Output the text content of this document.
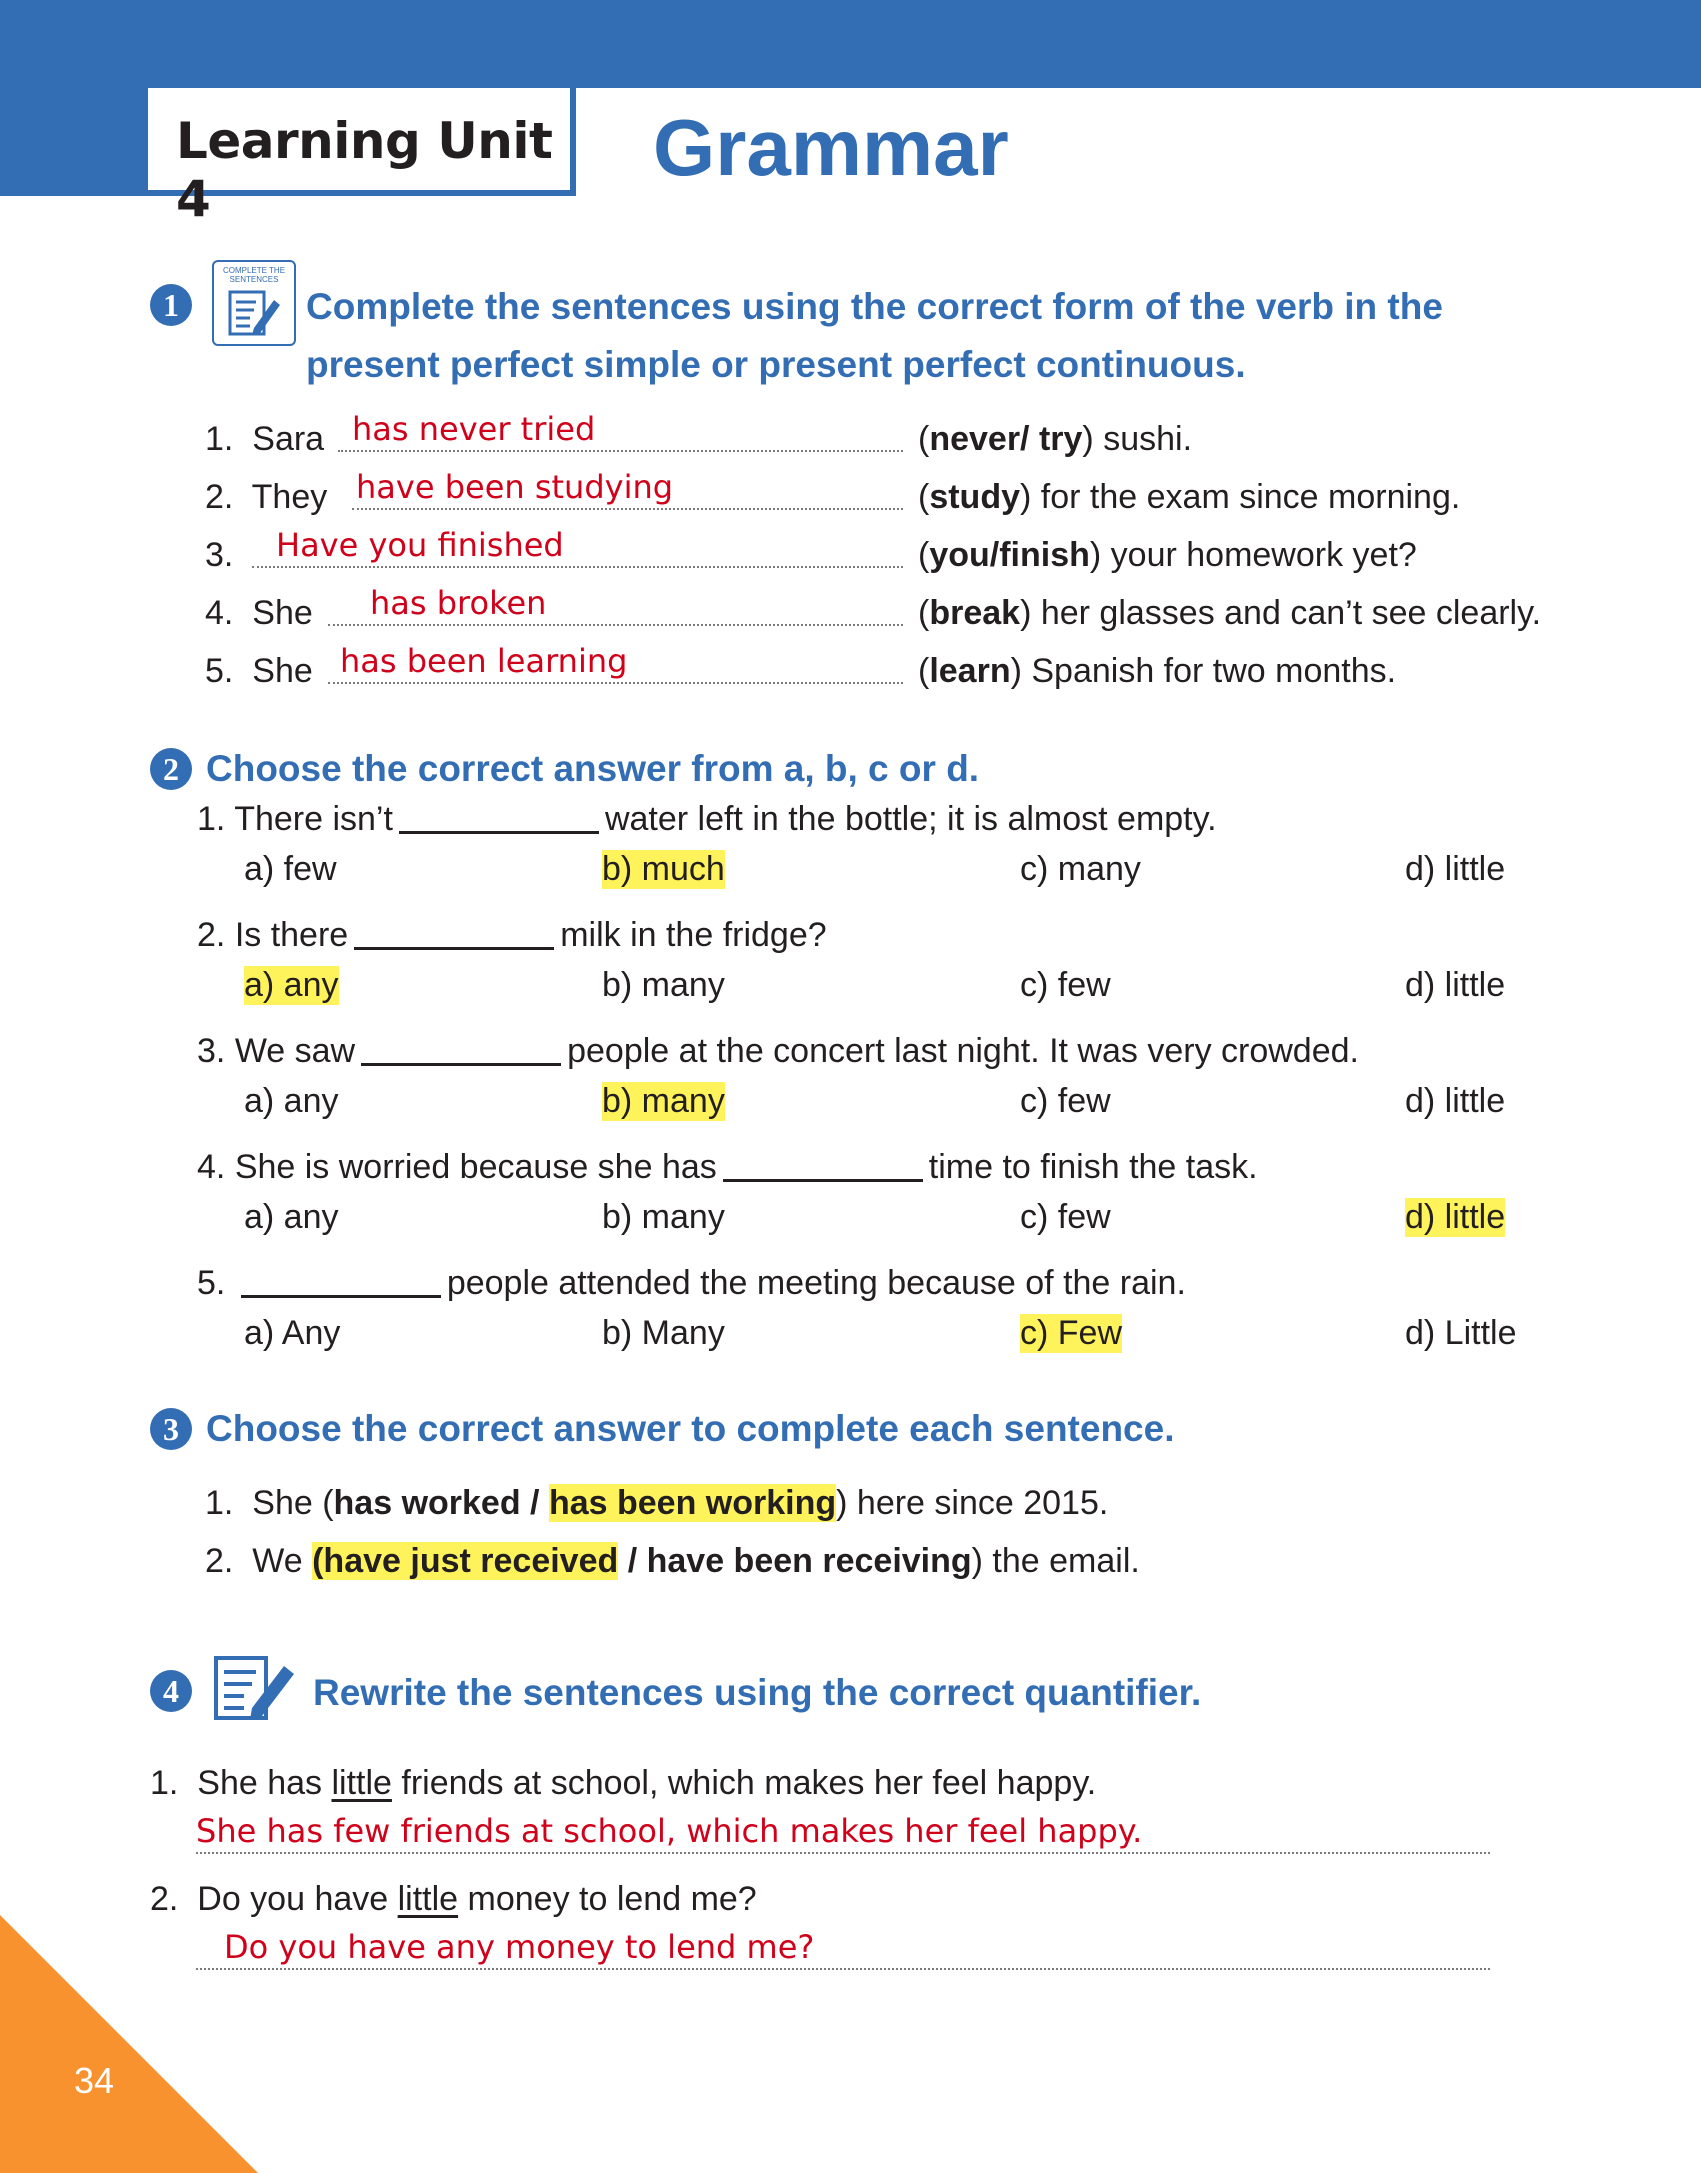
Learning Unit 4
Grammar
1
COMPLETE THE SENTENCES
Complete the sentences using the correct form of the verb in the
present perfect simple or present perfect continuous.
1. Sara has never tried	(never/ try) sushi.
2. They have been studying	(study) for the exam since morning.
3. Have you finished	(you/finish) your homework yet?
4. She has broken	(break) her glasses and can’t see clearly.
5. She has been learning	(learn) Spanish for two months.
2 Choose the correct answer from a, b, c or d.
1. There isn’t	water left in the bottle; it is almost empty.
a) few	b) much	c) many	d) little
2. Is there	milk in the fridge?
a) any	b) many	c) few	d) little
3. We saw	people at the concert last night. It was very crowded.
a) any	b) many	c) few	d) little
4. She is worried because she has	time to finish the task.
a) any	b) many	c) few	d) little
5.	people attended the meeting because of the rain.
a) Any	b) Many	c) Few	d) Little
3 Choose the correct answer to complete each sentence.
1. She (has worked / has been working) here since 2015.
2. We (have just received / have been receiving) the email.
4	Rewrite the sentences using the correct quantifier.
1. She has little friends at school, which makes her feel happy.
She has few friends at school, which makes her feel happy.
2. Do you have little money to lend me?
Do you have any money to lend me?
34
